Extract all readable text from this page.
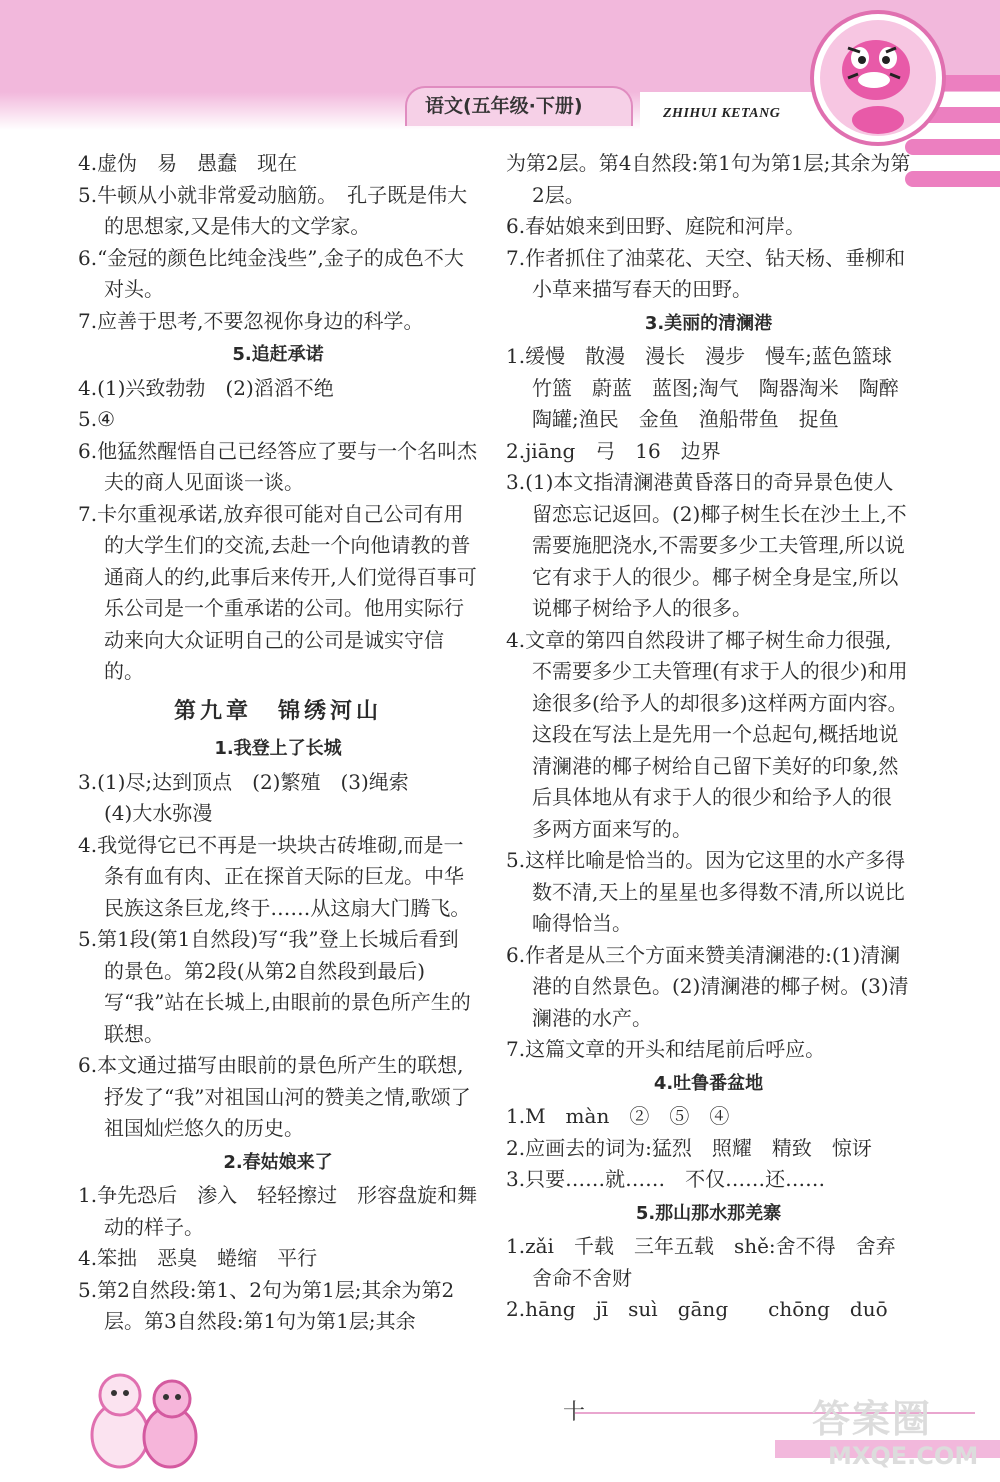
语文(五年级·下册)	ZHIHUI KETANG
4.虚伪　易　愚蠢　现在
5.牛顿从小就非常爱动脑筋。　孔子既是伟大的思想家,又是伟大的文学家。
6.“金冠的颜色比纯金浅些”,金子的成色不大对头。
7.应善于思考,不要忽视你身边的科学。
5.追赶承诺
4.(1)兴致勃勃　(2)滔滔不绝
5.④
6.他猛然醒悟自己已经答应了要与一个名叫杰夫的商人见面谈一谈。
7.卡尔重视承诺,放弃很可能对自己公司有用的大学生们的交流,去赴一个向他请教的普通商人的约,此事后来传开,人们觉得百事可乐公司是一个重承诺的公司。他用实际行动来向大众证明自己的公司是诚实守信的。
第九章　锦绣河山
1.我登上了长城
3.(1)尽;达到顶点　(2)繁殖　(3)绳索
(4)大水弥漫
4.我觉得它已不再是一块块古砖堆砌,而是一条有血有肉、正在探首天际的巨龙。中华民族这条巨龙,终于……从这扇大门腾飞。
5.第1段(第1自然段)写“我”登上长城后看到的景色。第2段(从第2自然段到最后)写“我”站在长城上,由眼前的景色所产生的联想。
6.本文通过描写由眼前的景色所产生的联想,抒发了“我”对祖国山河的赞美之情,歌颂了祖国灿烂悠久的历史。
2.春姑娘来了
1.争先恐后　渗入　轻轻擦过　形容盘旋和舞动的样子。
4.笨拙　恶臭　蜷缩　平行
5.第2自然段:第1、2句为第1层;其余为第2层。第3自然段:第1句为第1层;其余
为第2层。第4自然段:第1句为第1层;其余为第2层。
6.春姑娘来到田野、庭院和河岸。
7.作者抓住了油菜花、天空、钻天杨、垂柳和小草来描写春天的田野。
3.美丽的清澜港
1.缓慢　散漫　漫长　漫步　慢车;蓝色篮球　竹篮　蔚蓝　蓝图;淘气　陶器淘米　陶醉　陶罐;渔民　金鱼　渔船带鱼　捉鱼
2.jiāng　弓　16　边界
3.(1)本文指清澜港黄昏落日的奇异景色使人留恋忘记返回。(2)椰子树生长在沙土上,不需要施肥浇水,不需要多少工夫管理,所以说它有求于人的很少。椰子树全身是宝,所以说椰子树给予人的很多。
4.文章的第四自然段讲了椰子树生命力很强,不需要多少工夫管理(有求于人的很少)和用途很多(给予人的却很多)这样两方面内容。这段在写法上是先用一个总起句,概括地说清澜港的椰子树给自己留下美好的印象,然后具体地从有求于人的很少和给予人的很多两方面来写的。
5.这样比喻是恰当的。因为它这里的水产多得数不清,天上的星星也多得数不清,所以说比喻得恰当。
6.作者是从三个方面来赞美清澜港的:(1)清澜港的自然景色。(2)清澜港的椰子树。(3)清澜港的水产。
7.这篇文章的开头和结尾前后呼应。
4.吐鲁番盆地
1.M　màn　②　⑤　④
2.应画去的词为:猛烈　照耀　精致　惊讶
3.只要……就……　不仅……还……
5.那山那水那羌寨
1.zǎi　千载　三年五载　shě:舍不得　舍弃　舍命不舍财
2.hāng　jī　suì　gāng　　chōng　duō
十	答案圈
MXQE.COM
